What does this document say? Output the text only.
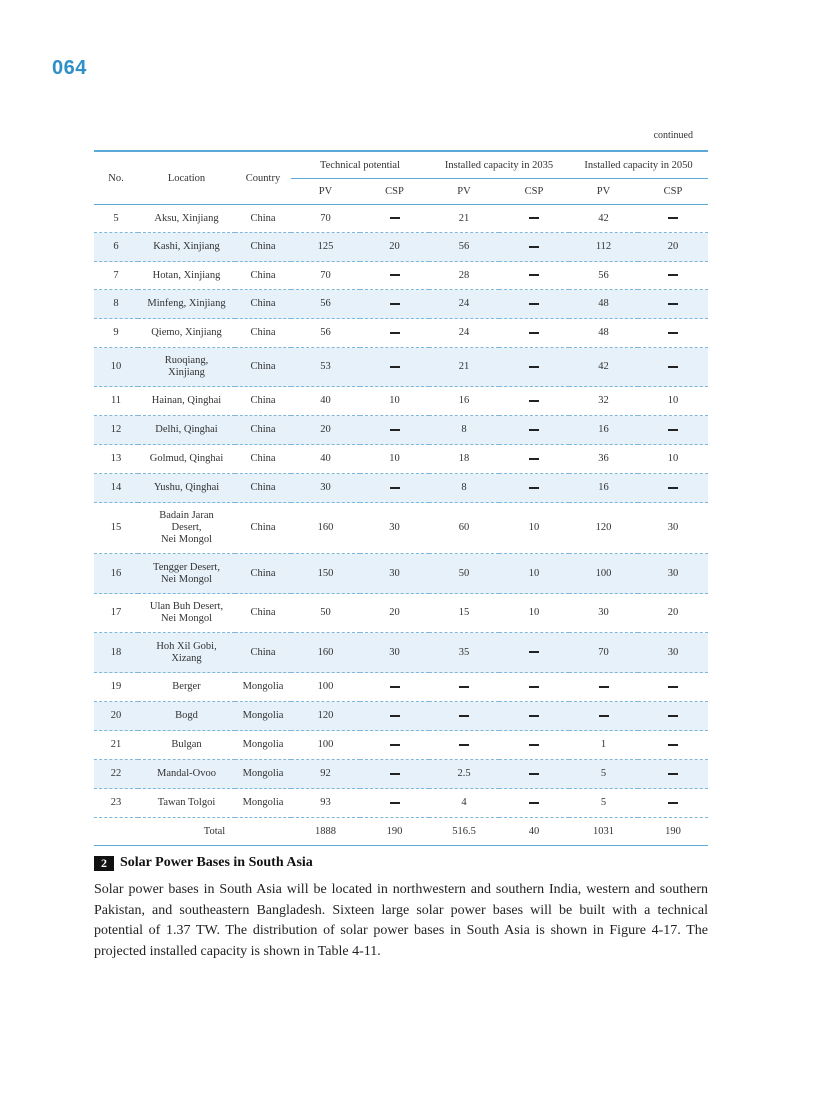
064
continued
No.	Location	Country	Technical potential		Installed capacity in 2035		Installed capacity in 2050	
			PV	CSP	PV	CSP	PV	CSP
5	Aksu, Xinjiang	China	70		21		42	
6	Kashi, Xinjiang	China	125	20	56		112	20
7	Hotan, Xinjiang	China	70		28		56	
8	Minfeng, Xinjiang	China	56		24		48	
9	Qiemo, Xinjiang	China	56		24		48	
10	Ruoqiang,
Xinjiang	China	53		21		42	
11	Hainan, Qinghai	China	40	10	16		32	10
12	Delhi, Qinghai	China	20		8		16	
13	Golmud, Qinghai	China	40	10	18		36	10
14	Yushu, Qinghai	China	30		8		16	
15	Badain Jaran
Desert,
Nei Mongol	China	160	30	60	10	120	30
16	Tengger Desert,
Nei Mongol	China	150	30	50	10	100	30
17	Ulan Buh Desert,
Nei Mongol	China	50	20	15	10	30	20
18	Hoh Xil Gobi,
Xizang	China	160	30	35		70	30
19	Berger	Mongolia	100					
20	Bogd	Mongolia	120					
21	Bulgan	Mongolia	100				1	
22	Mandal-Ovoo	Mongolia	92		2.5		5	
23	Tawan Tolgoi	Mongolia	93		4		5	
	Total		1888	190	516.5	40	1031	190
2 Solar Power Bases in South Asia

Solar power bases in South Asia will be located in northwestern and southern India, western and southern Pakistan, and southeastern Bangladesh. Sixteen large solar power bases will be built with a technical potential of 1.37 TW. The distribution of solar power bases in South Asia is shown in Figure 4-17. The projected installed capacity is shown in Table 4-11.
